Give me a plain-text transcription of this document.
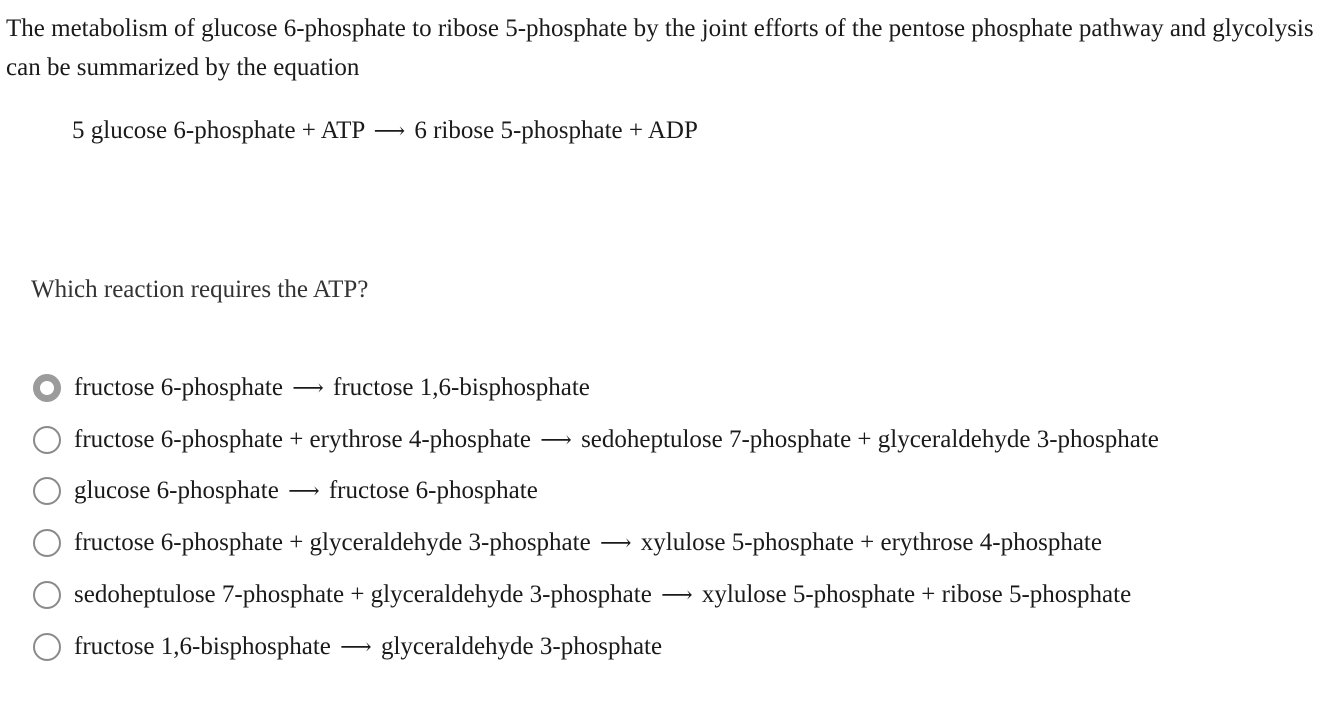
The metabolism of glucose 6-phosphate to ribose 5-phosphate by the joint efforts of the pentose phosphate pathway and glycolysis can be summarized by the equation

5 glucose 6-phosphate + ATP ⟶ 6 ribose 5-phosphate + ADP

Which reaction requires the ATP?

fructose 6-phosphate ⟶ fructose 1,6-bisphosphate
fructose 6-phosphate + erythrose 4-phosphate ⟶ sedoheptulose 7-phosphate + glyceraldehyde 3-phosphate
glucose 6-phosphate ⟶ fructose 6-phosphate
fructose 6-phosphate + glyceraldehyde 3-phosphate ⟶ xylulose 5-phosphate + erythrose 4-phosphate
sedoheptulose 7-phosphate + glyceraldehyde 3-phosphate ⟶ xylulose 5-phosphate + ribose 5-phosphate
fructose 1,6-bisphosphate ⟶ glyceraldehyde 3-phosphate
